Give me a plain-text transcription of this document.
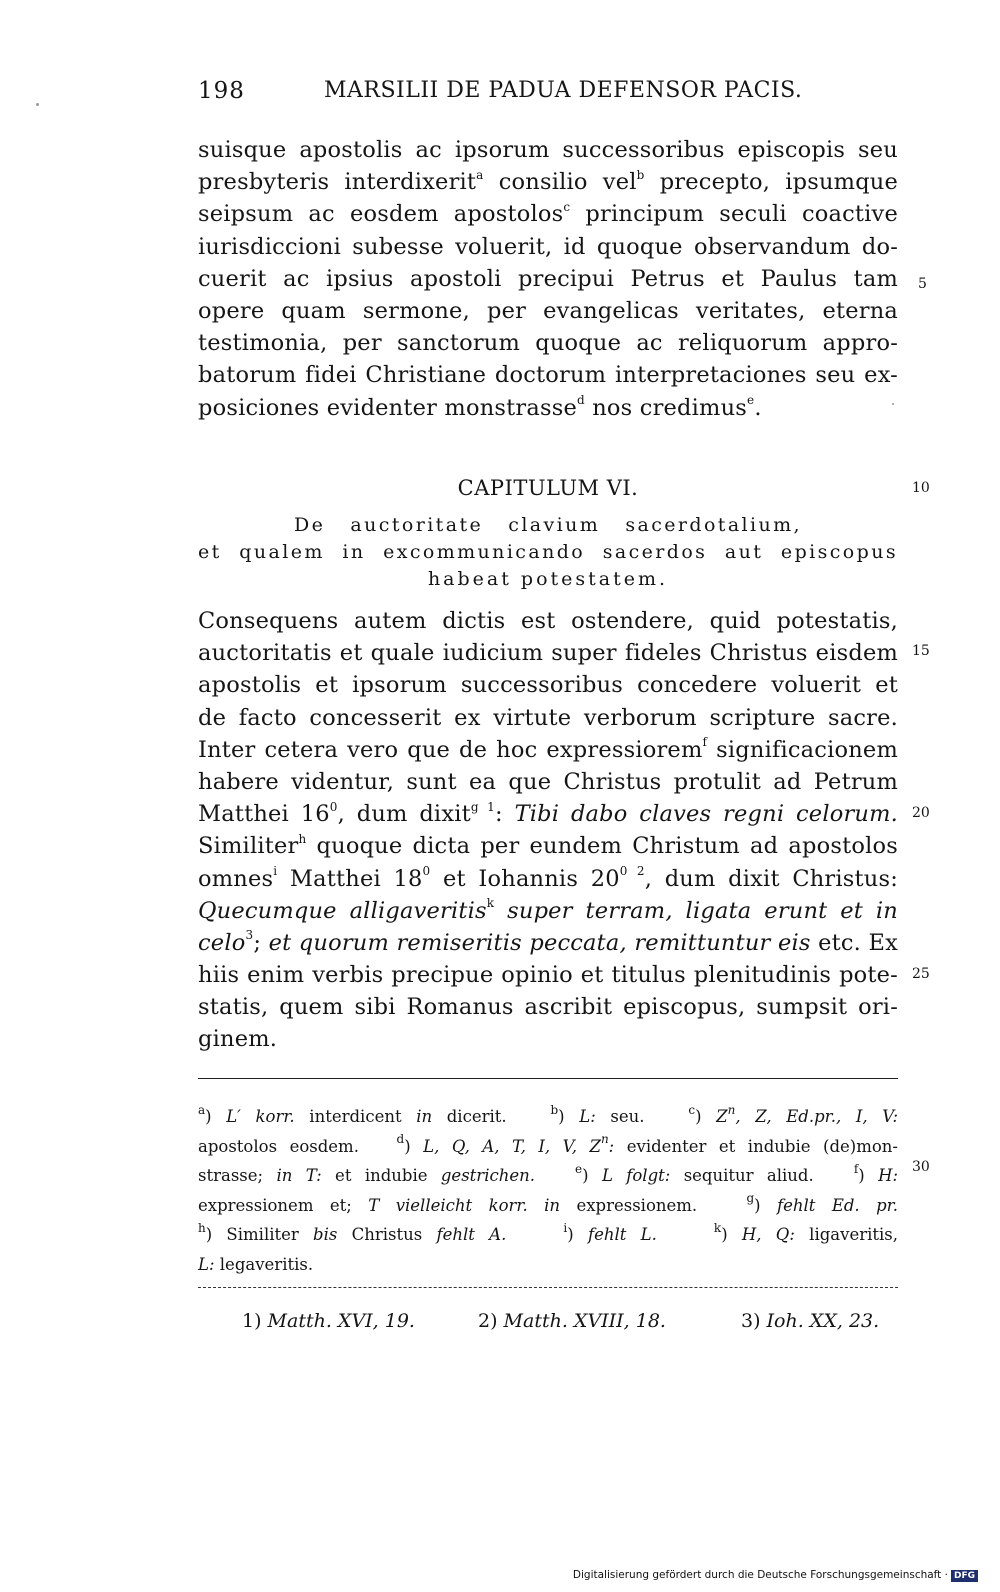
198	MARSILII DE PADUA DEFENSOR PACIS.
suisque apostolis ac ipsorum successoribus episcopis seu
presbyteris interdixerit$^a$ consilio vel$^b$ precepto, ipsumque
seipsum ac eosdem apostolos$^c$ principum seculi coactive
iurisdiccioni subesse voluerit, id quoque observandum do-
cuerit ac ipsius apostoli precipui Petrus et Paulus tam
opere quam sermone, per evangelicas veritates, eterna
testimonia, per sanctorum quoque ac reliquorum appro-
batorum fidei Christiane doctorum interpretaciones seu ex-
posiciones evidenter monstrasse$^d$ nos credimus$^e$.
CAPITULUM VI.
De auctoritate clavium sacerdotalium,
et qualem in excommunicando sacerdos aut episcopus
habeat potestatem.
Consequens autem dictis est ostendere, quid potestatis,
auctoritatis et quale iudicium super fideles Christus eisdem
apostolis et ipsorum successoribus concedere voluerit et
de facto concesserit ex virtute verborum scripture sacre.
Inter cetera vero que de hoc expressiorem$^f$ significacionem
habere videntur, sunt ea que Christus protulit ad Petrum
Matthei $16^0$, dum dixit$^{g 1}$: Tibi dabo claves regni celorum.
Similiter$^h$ quoque dicta per eundem Christum ad apostolos
omnes$^i$ Matthei $18^0$ et Iohannis $20^{0 2}$, dum dixit Christus:
Quecumque alligaveritis$^k$ super terram, ligata erunt et in
celo$^3$; et quorum remiseritis peccata, remittuntur eis etc. Ex
hiis enim verbis precipue opinio et titulus plenitudinis pote-
statis, quem sibi Romanus ascribit episcopus, sumpsit ori-
ginem.
5
10
15
20
25
30
$^a$) L′ korr. interdicent in dicerit.   $^b$) L: seu.   $^c$) $Z^n$, Z, Ed.pr., I, V:
apostolos eosdem.   $^d$) L, Q, A, T, I, V, $Z^n$: evidenter et indubie (de)mon-
strasse; in T: et indubie gestrichen.	$^e$) L folgt: sequitur aliud.   $^f$) H:
expressionem et; T vielleicht korr. in expressionem.   $^g$) fehlt Ed. pr.
$^h$) Similiter bis Christus fehlt A.	$^i$) fehlt L.	$^k$) H, Q: ligaveritis,
L: legaveritis.
1) Matth. XVI, 19.	2) Matth. XVIII, 18.	3) Ioh. XX, 23.
Digitalisierung gefördert durch die Deutsche Forschungsgemeinschaft · DFG
